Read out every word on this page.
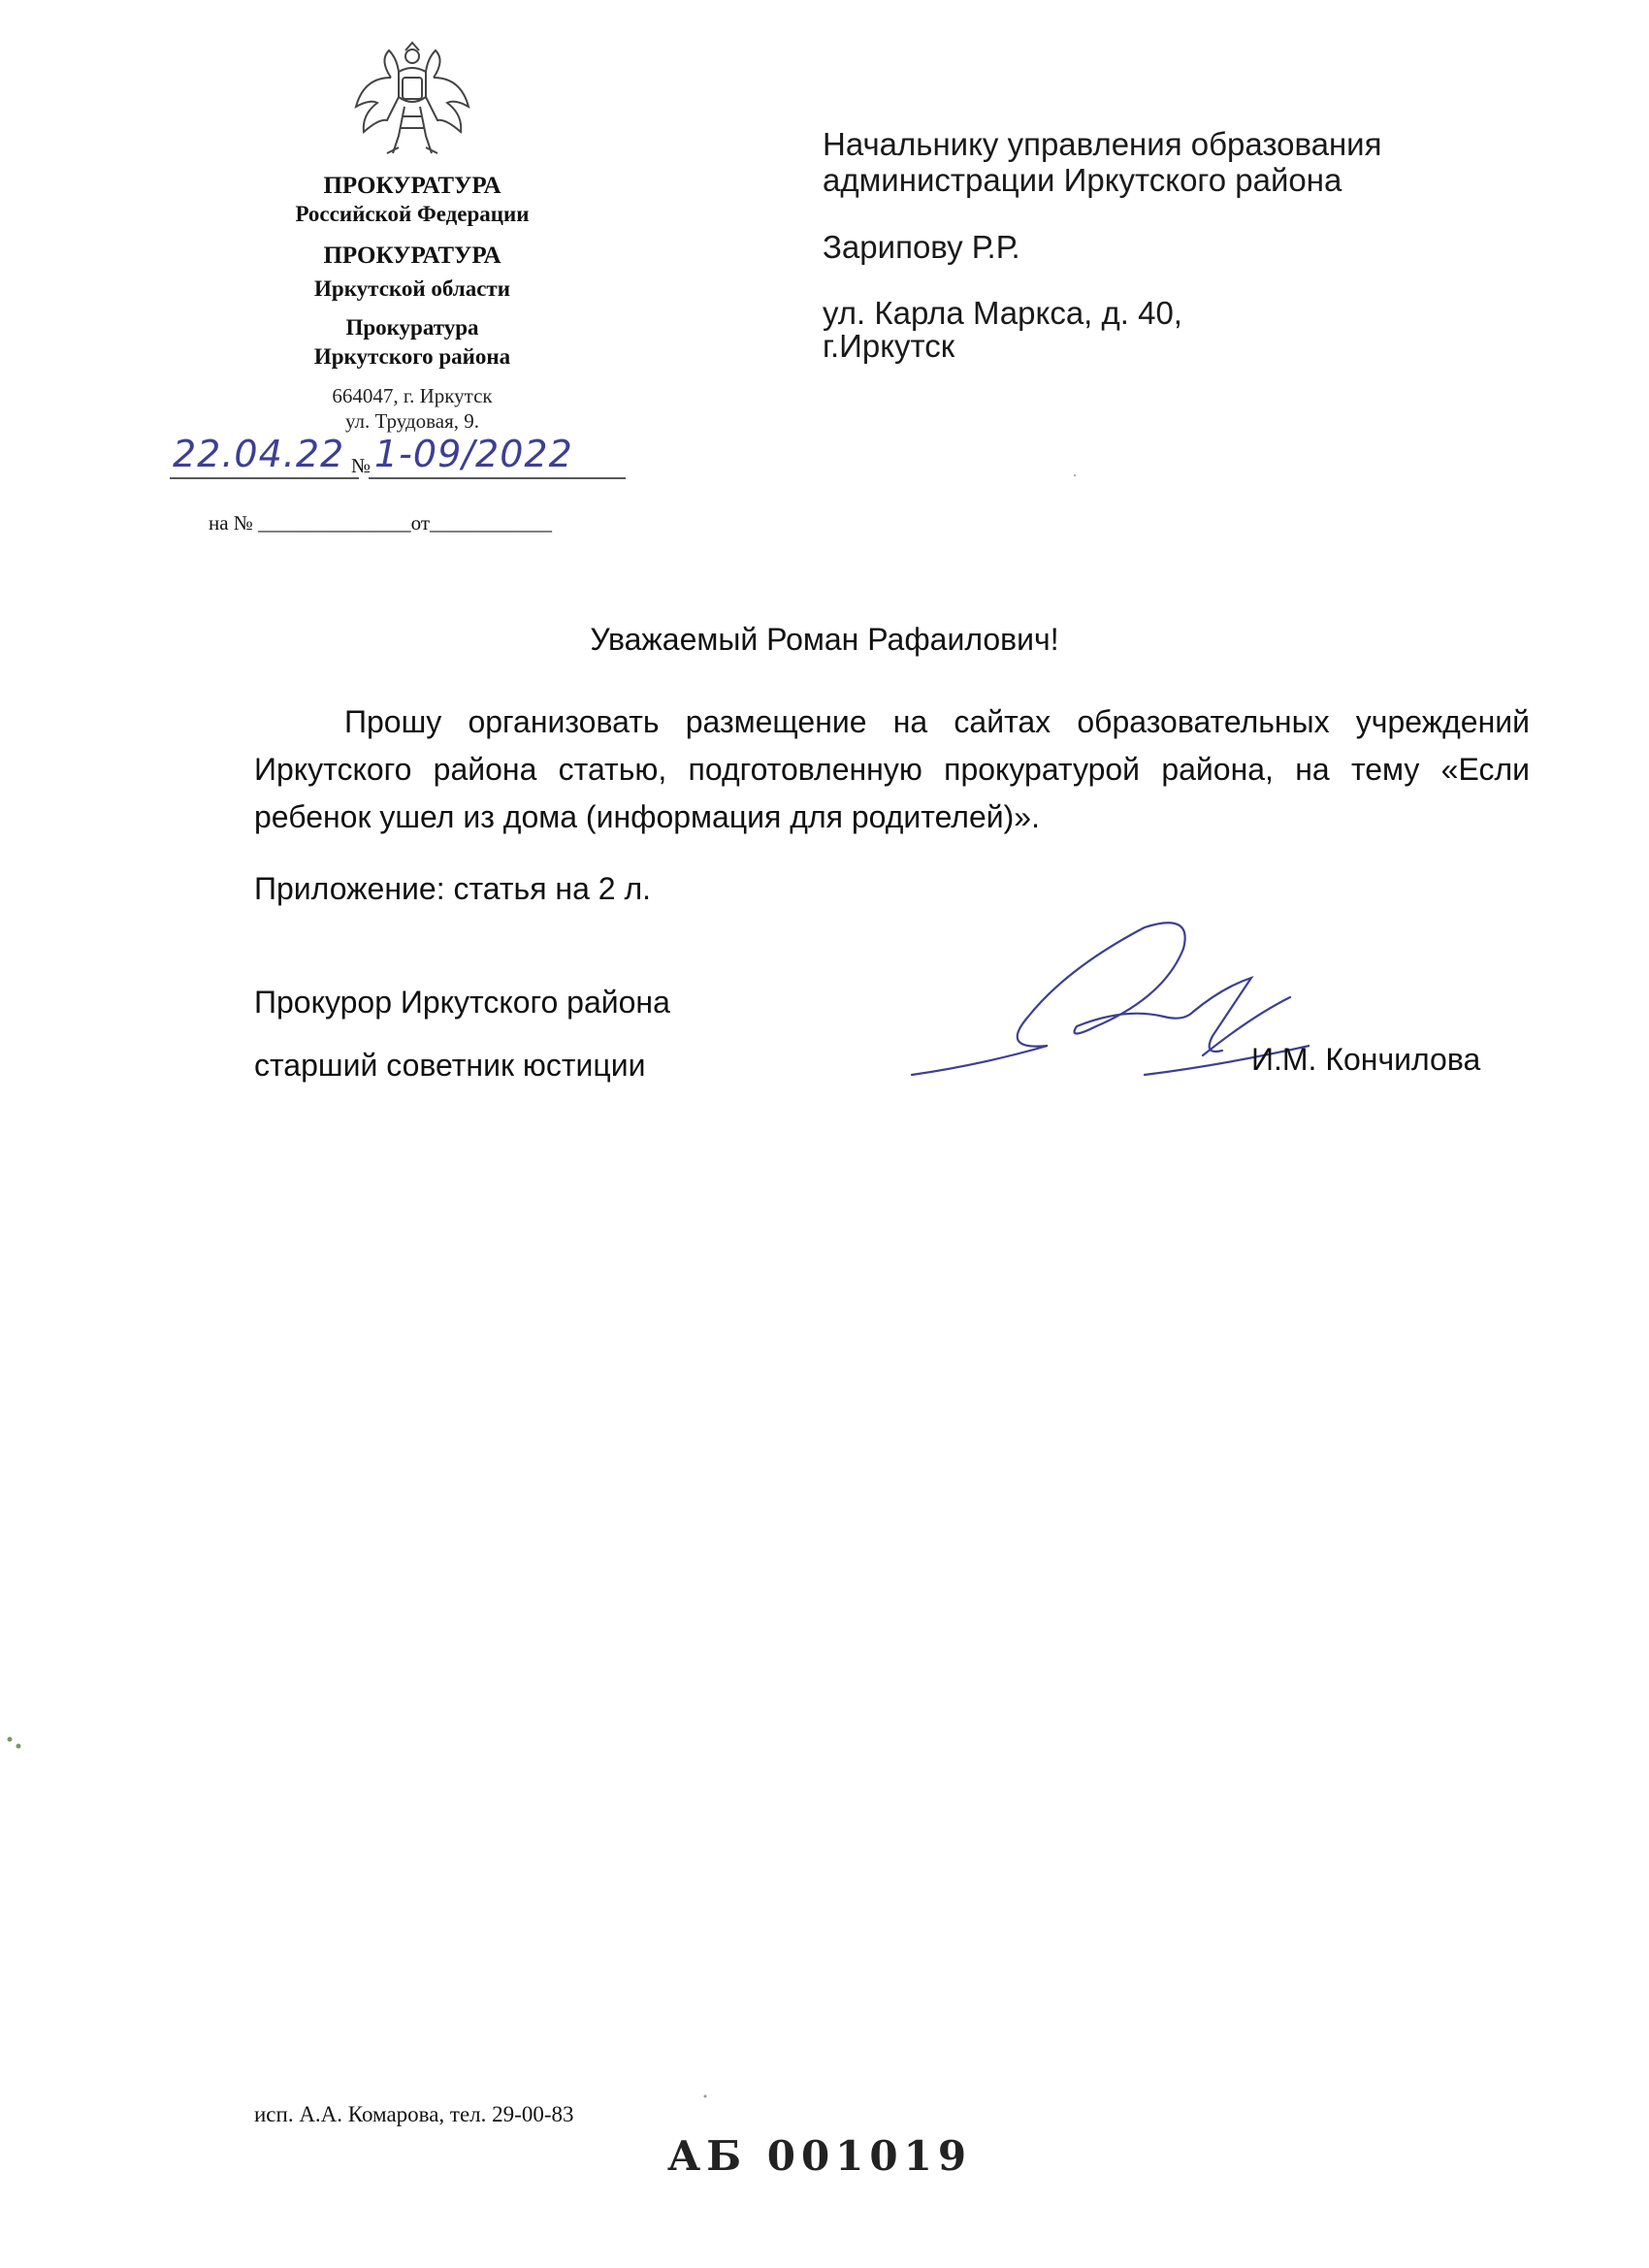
ПРОКУРАТУРА
Российской Федерации
ПРОКУРАТУРА
Иркутской области
Прокуратура
Иркутского района
664047, г. Иркутск
ул. Трудовая, 9.
22.04.22 № 1-09/2022
на № _______________от____________
Начальнику управления образования
администрации Иркутского района
Зарипову Р.Р.
ул. Карла Маркса, д. 40,
г.Иркутск
Уважаемый Роман Рафаилович!
Прошу организовать размещение на сайтах образовательных учреждений Иркутского района статью, подготовленную прокуратурой района, на тему «Если ребенок ушел из дома (информация для родителей)».
Приложение: статья на 2 л.
Прокурор Иркутского района
старший советник юстиции	И.М. Кончилова
исп. А.А. Комарова, тел. 29-00-83
АБ 001019
